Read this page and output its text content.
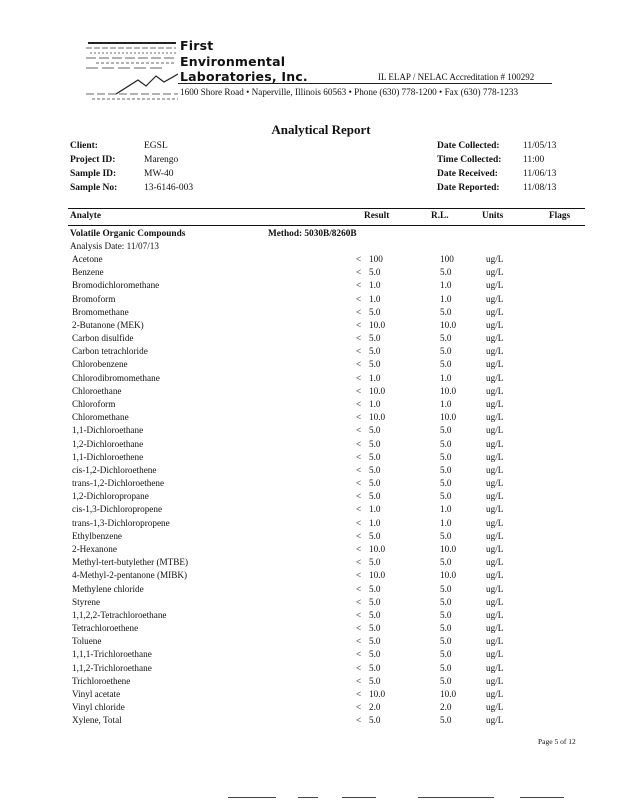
First
Environmental
Laboratories, Inc.	IL ELAP / NELAC Accreditation # 100292
1600 Shore Road • Naperville, Illinois 60563 • Phone (630) 778-1200 • Fax (630) 778-1233
Analytical Report
Client:	EGSL
Project ID:	Marengo
Sample ID:	MW-40
Sample No:	13-6146-003
Date Collected: 11/05/13
Time Collected: 11:00
Date Received:	11/06/13
Date Reported: 11/08/13
Analyte	Result	R.L.	Units	Flags
Volatile Organic Compounds	Method: 5030B/8260B
Analysis Date: 11/07/13
Acetone	< 100	100	ug/L
Benzene	< 5.0	5.0	ug/L
Bromodichloromethane	< 1.0	1.0	ug/L
Bromoform	< 1.0	1.0	ug/L
Bromomethane	< 5.0	5.0	ug/L
2-Butanone (MEK)	< 10.0	10.0	ug/L
Carbon disulfide	< 5.0	5.0	ug/L
Carbon tetrachloride	< 5.0	5.0	ug/L
Chlorobenzene	< 5.0	5.0	ug/L
Chlorodibromomethane	< 1.0	1.0	ug/L
Chloroethane	< 10.0	10.0	ug/L
Chloroform	< 1.0	1.0	ug/L
Chloromethane	< 10.0	10.0	ug/L
1,1-Dichloroethane	< 5.0	5.0	ug/L
1,2-Dichloroethane	< 5.0	5.0	ug/L
1,1-Dichloroethene	< 5.0	5.0	ug/L
cis-1,2-Dichloroethene	< 5.0	5.0	ug/L
trans-1,2-Dichloroethene	< 5.0	5.0	ug/L
1,2-Dichloropropane	< 5.0	5.0	ug/L
cis-1,3-Dichloropropene	< 1.0	1.0	ug/L
trans-1,3-Dichloropropene	< 1.0	1.0	ug/L
Ethylbenzene	< 5.0	5.0	ug/L
2-Hexanone	< 10.0	10.0	ug/L
Methyl-tert-butylether (MTBE)	< 5.0	5.0	ug/L
4-Methyl-2-pentanone (MIBK)	< 10.0	10.0	ug/L
Methylene chloride	< 5.0	5.0	ug/L
Styrene	< 5.0	5.0	ug/L
1,1,2,2-Tetrachloroethane	< 5.0	5.0	ug/L
Tetrachloroethene	< 5.0	5.0	ug/L
Toluene	< 5.0	5.0	ug/L
1,1,1-Trichloroethane	< 5.0	5.0	ug/L
1,1,2-Trichloroethane	< 5.0	5.0	ug/L
Trichloroethene	< 5.0	5.0	ug/L
Vinyl acetate	< 10.0	10.0	ug/L
Vinyl chloride	< 2.0	2.0	ug/L
Xylene, Total	< 5.0	5.0	ug/L
Page 5 of 12
